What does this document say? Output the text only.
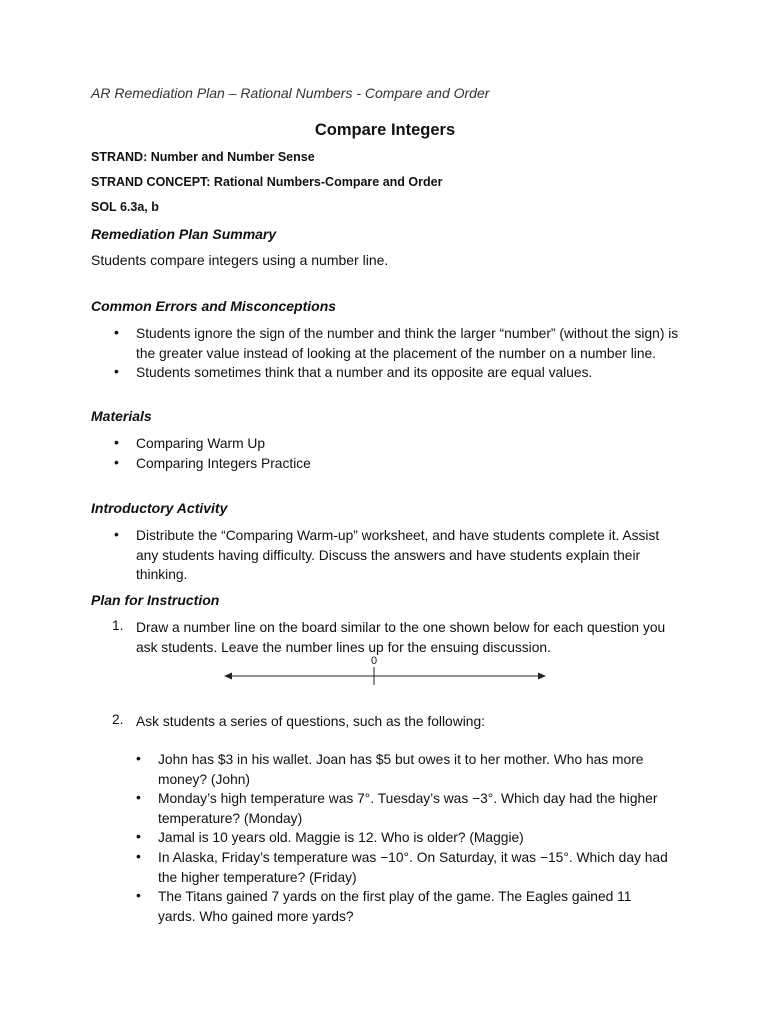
AR Remediation Plan – Rational Numbers - Compare and Order
Compare Integers
STRAND: Number and Number Sense
STRAND CONCEPT: Rational Numbers-Compare and Order
SOL 6.3a, b
Remediation Plan Summary
Students compare integers using a number line.
Common Errors and Misconceptions
• Students ignore the sign of the number and think the larger “number” (without the sign) is the greater value instead of looking at the placement of the number on a number line.
• Students sometimes think that a number and its opposite are equal values.
Materials
• Comparing Warm Up
• Comparing Integers Practice
Introductory Activity
• Distribute the “Comparing Warm-up” worksheet, and have students complete it. Assist any students having difficulty. Discuss the answers and have students explain their thinking.
Plan for Instruction
1. Draw a number line on the board similar to the one shown below for each question you ask students. Leave the number lines up for the ensuing discussion.
0
2. Ask students a series of questions, such as the following:
• John has $3 in his wallet. Joan has $5 but owes it to her mother. Who has more money? (John)
• Monday’s high temperature was 7°. Tuesday’s was −3°. Which day had the higher temperature? (Monday)
• Jamal is 10 years old. Maggie is 12. Who is older? (Maggie)
• In Alaska, Friday’s temperature was −10°. On Saturday, it was −15°. Which day had the higher temperature? (Friday)
• The Titans gained 7 yards on the first play of the game. The Eagles gained 11 yards. Who gained more yards?
